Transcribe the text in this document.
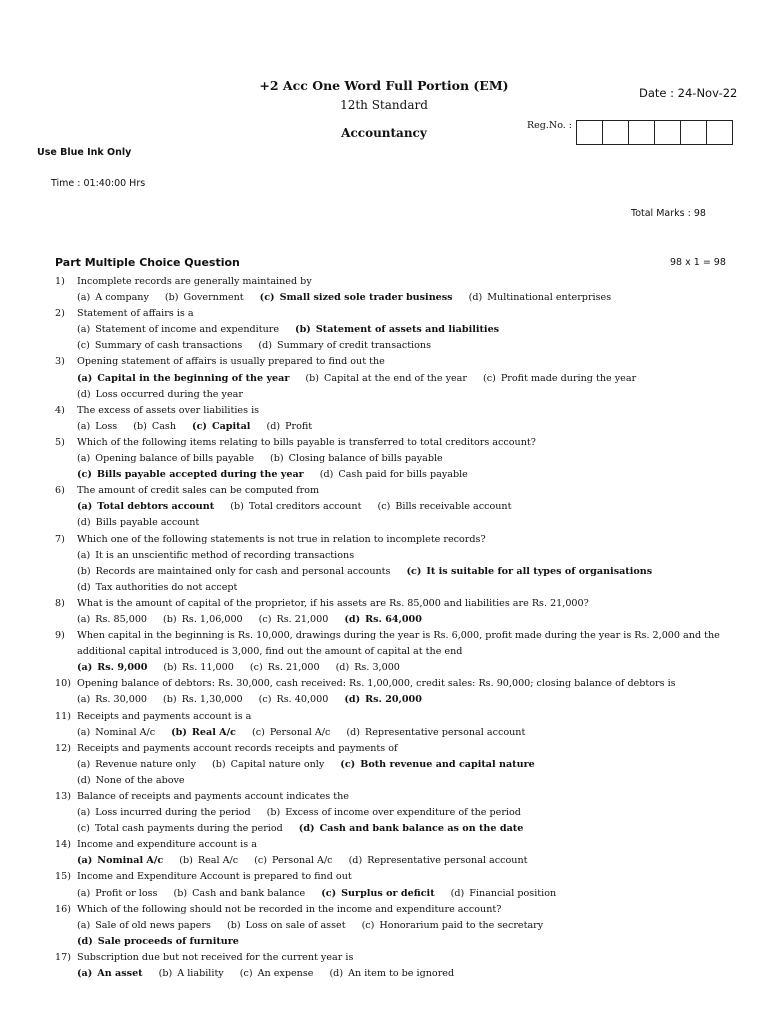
+2 Acc One Word Full Portion (EM)
12th Standard
Accountancy
Date : 24-Nov-22
Reg.No. :
Use Blue Ink Only
Time : 01:40:00 Hrs
Total Marks : 98
Part Multiple Choice Question	98 x 1 = 98
1)	Incomplete records are generally maintained by
(a) A company (b) Government (c) Small sized sole trader business (d) Multinational enterprises
2)	Statement of affairs is a
(a) Statement of income and expenditure (b) Statement of assets and liabilities
(c) Summary of cash transactions (d) Summary of credit transactions
3)	Opening statement of affairs is usually prepared to find out the
(a) Capital in the beginning of the year (b) Capital at the end of the year (c) Profit made during the year
(d) Loss occurred during the year
4)	The excess of assets over liabilities is
(a) Loss (b) Cash (c) Capital (d) Profit
5)	Which of the following items relating to bills payable is transferred to total creditors account?
(a) Opening balance of bills payable (b) Closing balance of bills payable
(c) Bills payable accepted during the year (d) Cash paid for bills payable
6)	The amount of credit sales can be computed from
(a) Total debtors account (b) Total creditors account (c) Bills receivable account
(d) Bills payable account
7)	Which one of the following statements is not true in relation to incomplete records?
(a) It is an unscientific method of recording transactions
(b) Records are maintained only for cash and personal accounts (c) It is suitable for all types of organisations
(d) Tax authorities do not accept
8)	What is the amount of capital of the proprietor, if his assets are Rs. 85,000 and liabilities are Rs. 21,000?
(a) Rs. 85,000 (b) Rs. 1,06,000 (c) Rs. 21,000 (d) Rs. 64,000
9)	When capital in the beginning is Rs. 10,000, drawings during the year is Rs. 6,000, profit made during the year is Rs. 2,000 and the additional capital introduced is 3,000, find out the amount of capital at the end
(a) Rs. 9,000 (b) Rs. 11,000 (c) Rs. 21,000 (d) Rs. 3,000
10) Opening balance of debtors: Rs. 30,000, cash received: Rs. 1,00,000, credit sales: Rs. 90,000; closing balance of debtors is
(a) Rs. 30,000 (b) Rs. 1,30,000 (c) Rs. 40,000 (d) Rs. 20,000
11) Receipts and payments account is a
(a) Nominal A/c (b) Real A/c (c) Personal A/c (d) Representative personal account
12) Receipts and payments account records receipts and payments of
(a) Revenue nature only (b) Capital nature only (c) Both revenue and capital nature
(d) None of the above
13) Balance of receipts and payments account indicates the
(a) Loss incurred during the period (b) Excess of income over expenditure of the period
(c) Total cash payments during the period (d) Cash and bank balance as on the date
14) Income and expenditure account is a
(a) Nominal A/c (b) Real A/c (c) Personal A/c (d) Representative personal account
15) Income and Expenditure Account is prepared to find out
(a) Profit or loss (b) Cash and bank balance (c) Surplus or deficit (d) Financial position
16) Which of the following should not be recorded in the income and expenditure account?
(a) Sale of old news papers (b) Loss on sale of asset (c) Honorarium paid to the secretary
(d) Sale proceeds of furniture
17) Subscription due but not received for the current year is
(a) An asset (b) A liability (c) An expense (d) An item to be ignored
